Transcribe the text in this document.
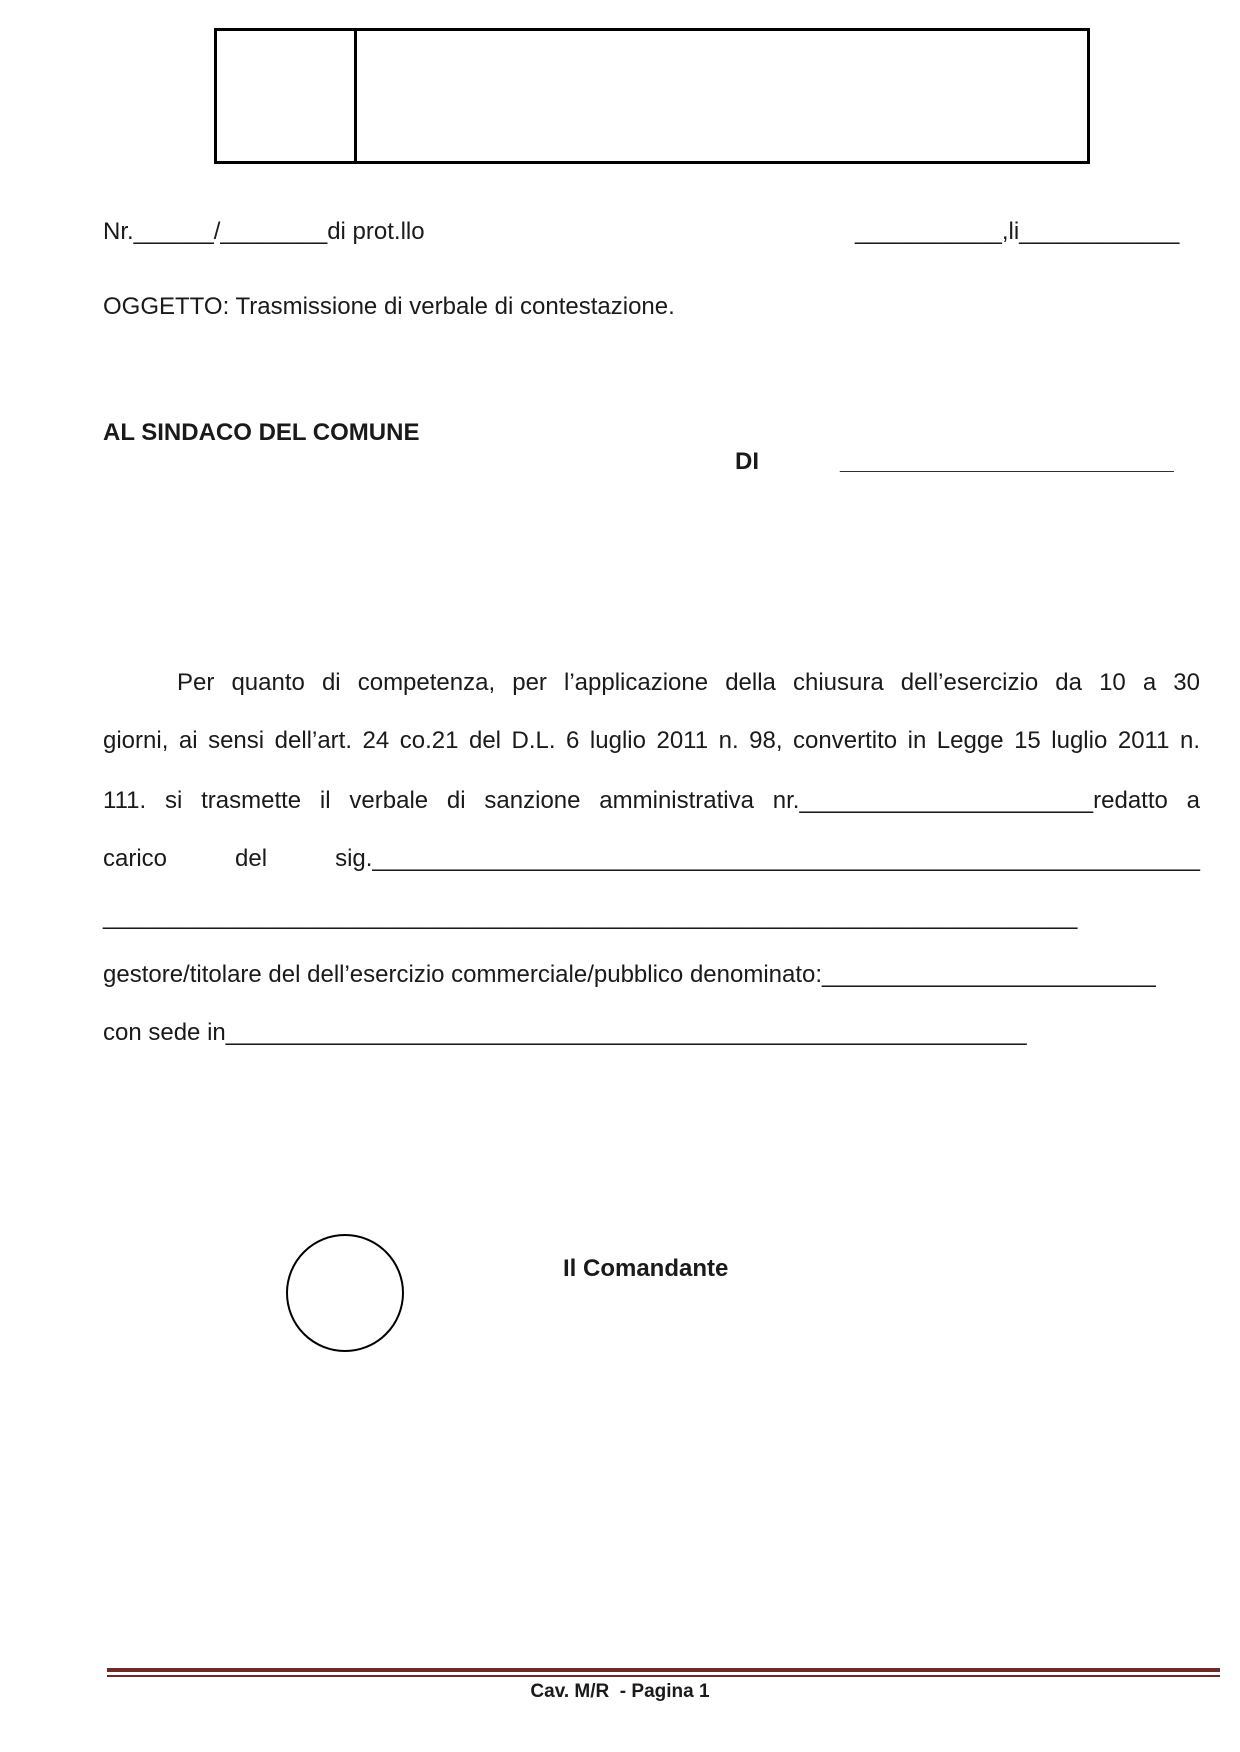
Nr.______/________di prot.llo	___________,li____________
OGGETTO: Trasmissione di verbale di contestazione.
AL SINDACO DEL COMUNE
DI	_________________________
Per quanto di competenza, per l’applicazione della chiusura dell’esercizio da 10 a 30
giorni, ai sensi dell’art. 24 co.21 del D.L. 6 luglio 2011 n. 98, convertito in Legge 15 luglio 2011 n.
111. si trasmette il verbale di sanzione amministrativa nr.______________________redatto a
carico del sig.______________________________________________________________
_________________________________________________________________________
gestore/titolare del dell’esercizio commerciale/pubblico denominato:_________________________
con sede in____________________________________________________________
Il Comandante
Cav. M/R  - Pagina 1
